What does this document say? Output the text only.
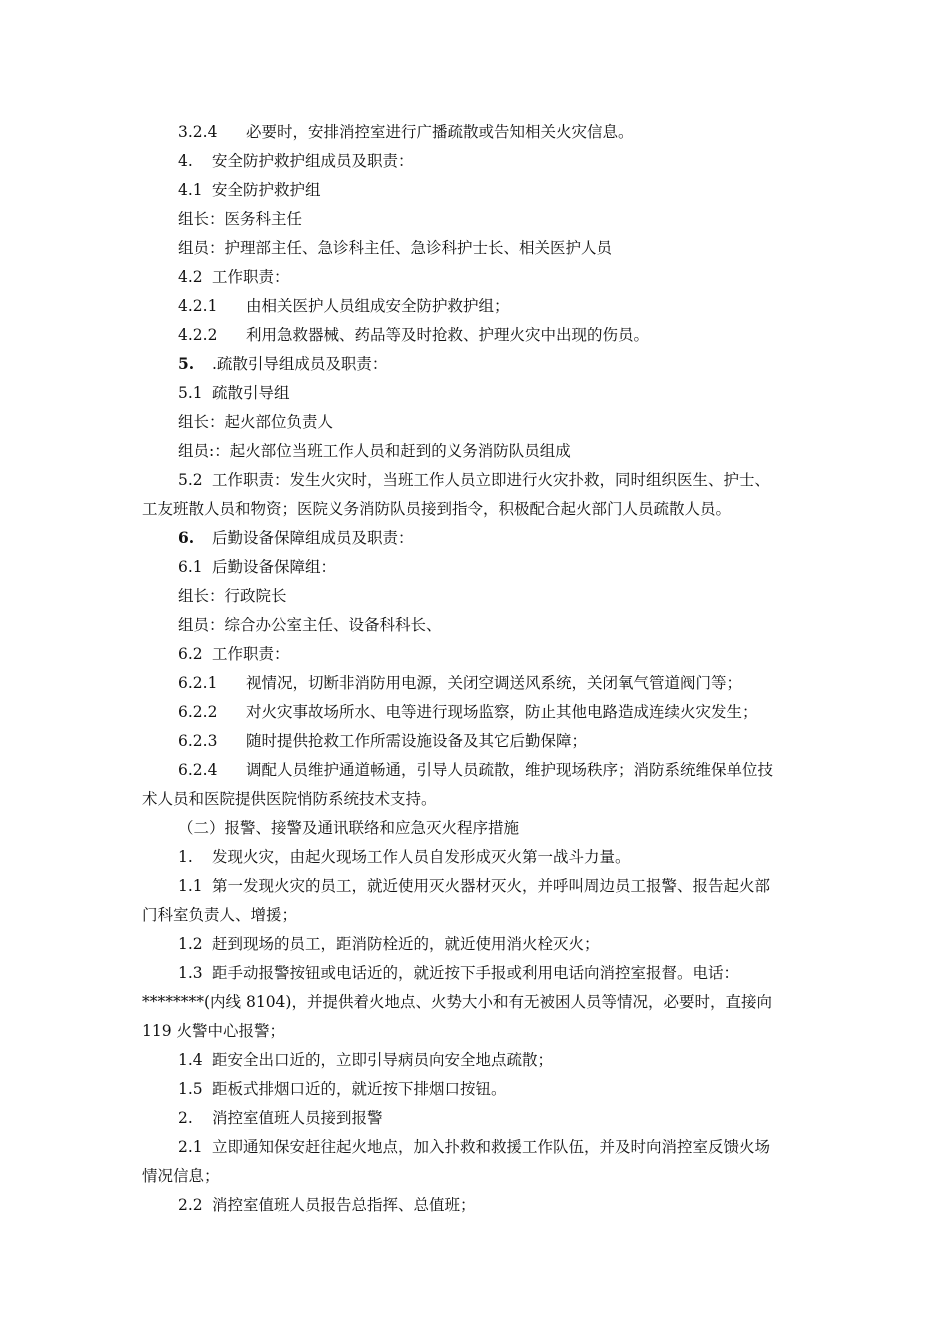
3.2.4 必要时，安排消控室进行广播疏散或告知相关火灾信息。
4. 安全防护救护组成员及职责：
4.1 安全防护救护组
组长：医务科主任
组员：护理部主任、急诊科主任、急诊科护士长、相关医护人员
4.2 工作职责：
4.2.1 由相关医护人员组成安全防护救护组；
4.2.2 利用急救器械、药品等及时抢救、护理火灾中出现的伤员。
5. .疏散引导组成员及职责：
5.1 疏散引导组
组长：起火部位负责人
组员:：起火部位当班工作人员和赶到的义务消防队员组成
5.2 工作职责：发生火灾时，当班工作人员立即进行火灾扑救，同时组织医生、护士、
工友班散人员和物资；医院义务消防队员接到指令，积极配合起火部门人员疏散人员。
6. 后勤设备保障组成员及职责：
6.1 后勤设备保障组：
组长：行政院长
组员：综合办公室主任、设备科科长、
6.2 工作职责：
6.2.1 视情况，切断非消防用电源，关闭空调送风系统，关闭氧气管道阀门等；
6.2.2 对火灾事故场所水、电等进行现场监察，防止其他电路造成连续火灾发生；
6.2.3 随时提供抢救工作所需设施设备及其它后勤保障；
6.2.4 调配人员维护通道畅通，引导人员疏散，维护现场秩序；消防系统维保单位技
术人员和医院提供医院悄防系统技术支持。
（二）报警、接警及通讯联络和应急灭火程序措施
1. 发现火灾，由起火现场工作人员自发形成灭火第一战斗力量。
1.1 第一发现火灾的员工，就近使用灭火器材灭火，并呼叫周边员工报警、报告起火部
门科室负责人、增援；
1.2 赶到现场的员工，距消防栓近的，就近使用消火栓灭火；
1.3 距手动报警按钮或电话近的，就近按下手报或利用电话向消控室报督。电话：
********(内线 8104)，并提供着火地点、火势大小和有无被困人员等情况，必要时，直接向
119 火警中心报警；
1.4 距安全出口近的，立即引导病员向安全地点疏散；
1.5 距板式排烟口近的，就近按下排烟口按钮。
2. 消控室值班人员接到报警
2.1 立即通知保安赶往起火地点，加入扑救和救援工作队伍，并及时向消控室反馈火场
情况信息；
2.2 消控室值班人员报告总指挥、总值班；
